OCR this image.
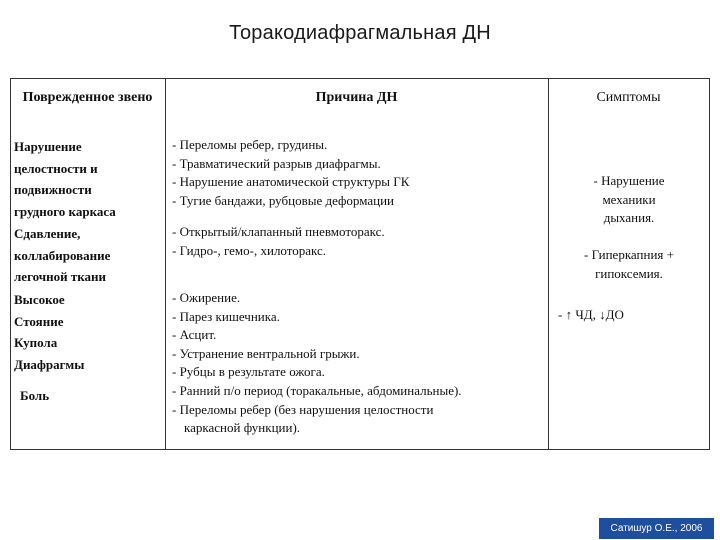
Торакодиафрагмальная ДН
Поврежденное звено	Причина ДН	Симптомы
Нарушение
целостности и
подвижности
грудного каркаса
Сдавление,
коллабирование
легочной ткани
Высокое
Стояние
Купола
Диафрагмы
Боль
- Переломы ребер, грудины.
- Травматический разрыв диафрагмы.
- Нарушение анатомической структуры ГК
- Тугие бандажи, рубцовые деформации
- Открытый/клапанный пневмоторакс.
- Гидро-, гемо-, хилоторакс.
- Ожирение.
- Парез кишечника.
- Асцит.
- Устранение вентральной грыжи.
- Рубцы в результате ожога.
- Ранний п/о период (торакальные, абдоминальные).
- Переломы ребер (без нарушения целостности
каркасной функции).
- Нарушение
механики
дыхания.
- Гиперкапния +
гипоксемия.
- ↑ ЧД, ↓ДО
Сатишур О.Е., 2006
